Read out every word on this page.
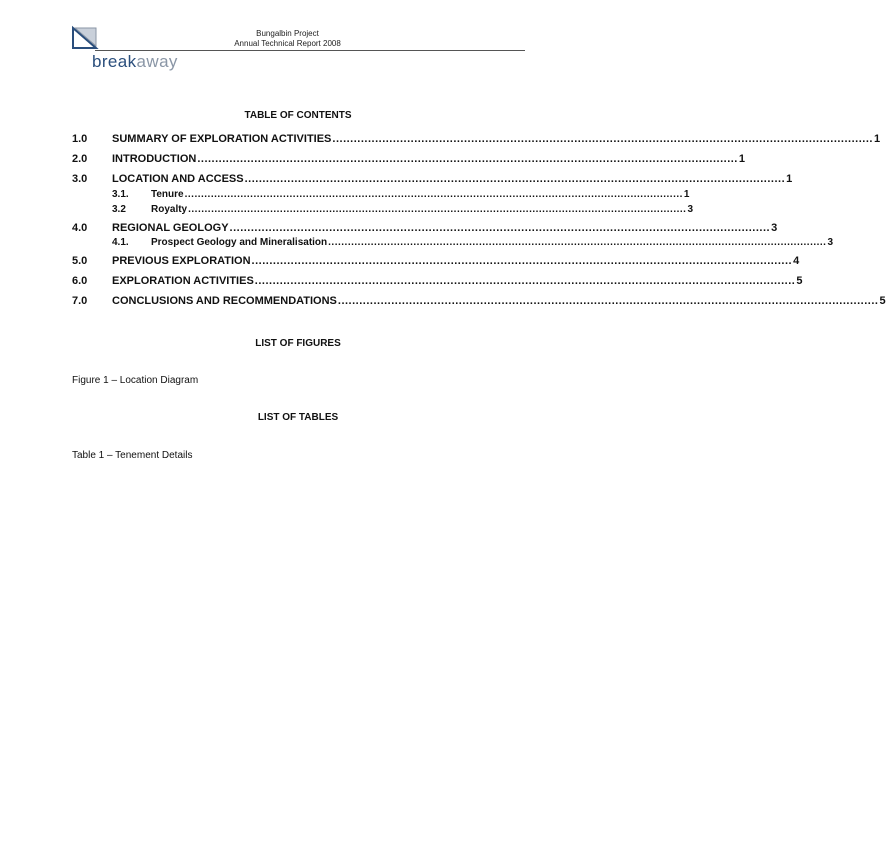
Bungalbin Project
Annual Technical Report 2008
breakaway
TABLE OF CONTENTS
1.0	SUMMARY OF EXPLORATION ACTIVITIES ........................................................................................................................................................ 1
2.0	INTRODUCTION ........................................................................................................................................................ 1
3.0	LOCATION AND ACCESS ........................................................................................................................................................ 1
3.1.	Tenure ........................................................................................................................................................ 1
3.2	Royalty ........................................................................................................................................................ 3
4.0	REGIONAL GEOLOGY ........................................................................................................................................................ 3
4.1.	Prospect Geology and Mineralisation ........................................................................................................................................................ 3
5.0	PREVIOUS EXPLORATION ........................................................................................................................................................ 4
6.0	EXPLORATION ACTIVITIES ........................................................................................................................................................ 5
7.0	CONCLUSIONS AND RECOMMENDATIONS ........................................................................................................................................................ 5
LIST OF FIGURES
Figure 1 – Location Diagram
LIST OF TABLES
Table 1 – Tenement Details
